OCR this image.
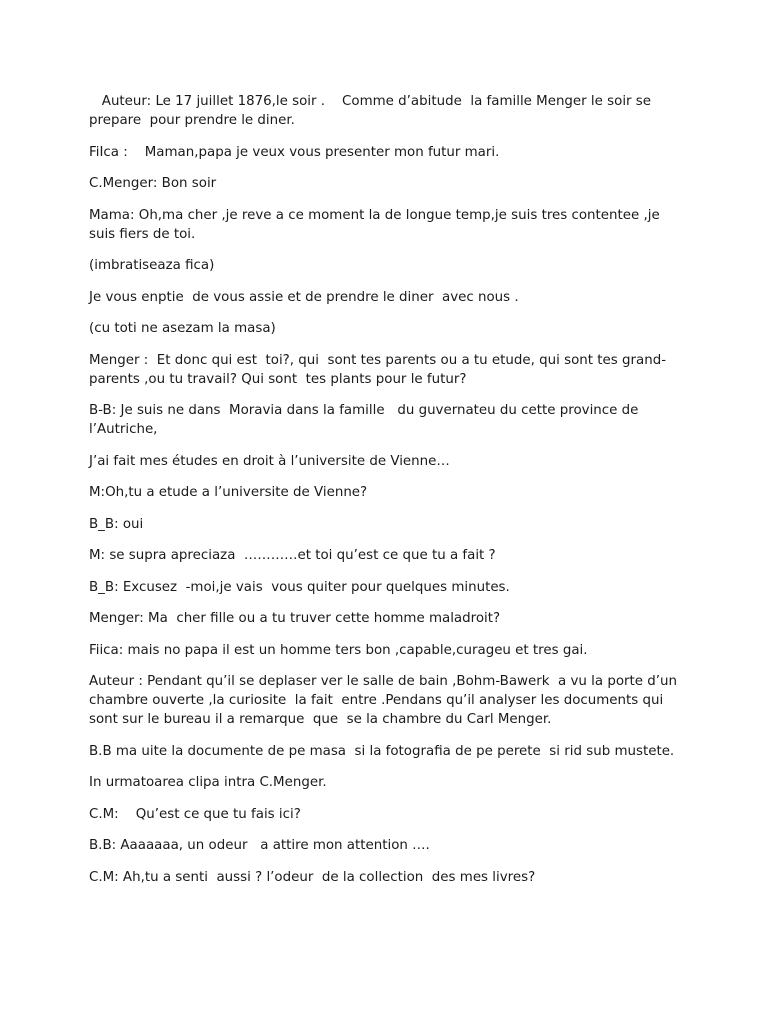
Auteur: Le 17 juillet 1876,le soir .    Comme d’abitude  la famille Menger le soir se prepare  pour prendre le diner.

FiIca :    Maman,papa je veux vous presenter mon futur mari.

C.Menger: Bon soir

Mama: Oh,ma cher ,je reve a ce moment la de longue temp,je suis tres contentee ,je suis fiers de toi.

(imbratiseaza fica)

Je vous enptie  de vous assie et de prendre le diner  avec nous .

(cu toti ne asezam la masa)

Menger :  Et donc qui est  toi?, qui  sont tes parents ou a tu etude, qui sont tes grand-parents ,ou tu travail? Qui sont  tes plants pour le futur?

B-B: Je suis ne dans  Moravia dans la famille   du guvernateu du cette province de l’Autriche,

J’ai fait mes études en droit à l’universite de Vienne…

M:Oh,tu a etude a l’universite de Vienne?

B_B: oui

M: se supra apreciaza  …………et toi qu’est ce que tu a fait ?

B_B: Excusez  -moi,je vais  vous quiter pour quelques minutes.

Menger: Ma  cher fille ou a tu truver cette homme maladroit?

Fiica: mais no papa il est un homme ters bon ,capable,curageu et tres gai.

Auteur : Pendant qu’il se deplaser ver le salle de bain ,Bohm-Bawerk  a vu la porte d’un chambre ouverte ,la curiosite  la fait  entre .Pendans qu’il analyser les documents qui sont sur le bureau il a remarque  que  se la chambre du Carl Menger.

B.B ma uite la documente de pe masa  si la fotografia de pe perete  si rid sub mustete.

In urmatoarea clipa intra C.Menger.

C.M:    Qu’est ce que tu fais ici?

B.B: Aaaaaaa, un odeur   a attire mon attention ….

C.M: Ah,tu a senti  aussi ? l’odeur  de la collection  des mes livres?
